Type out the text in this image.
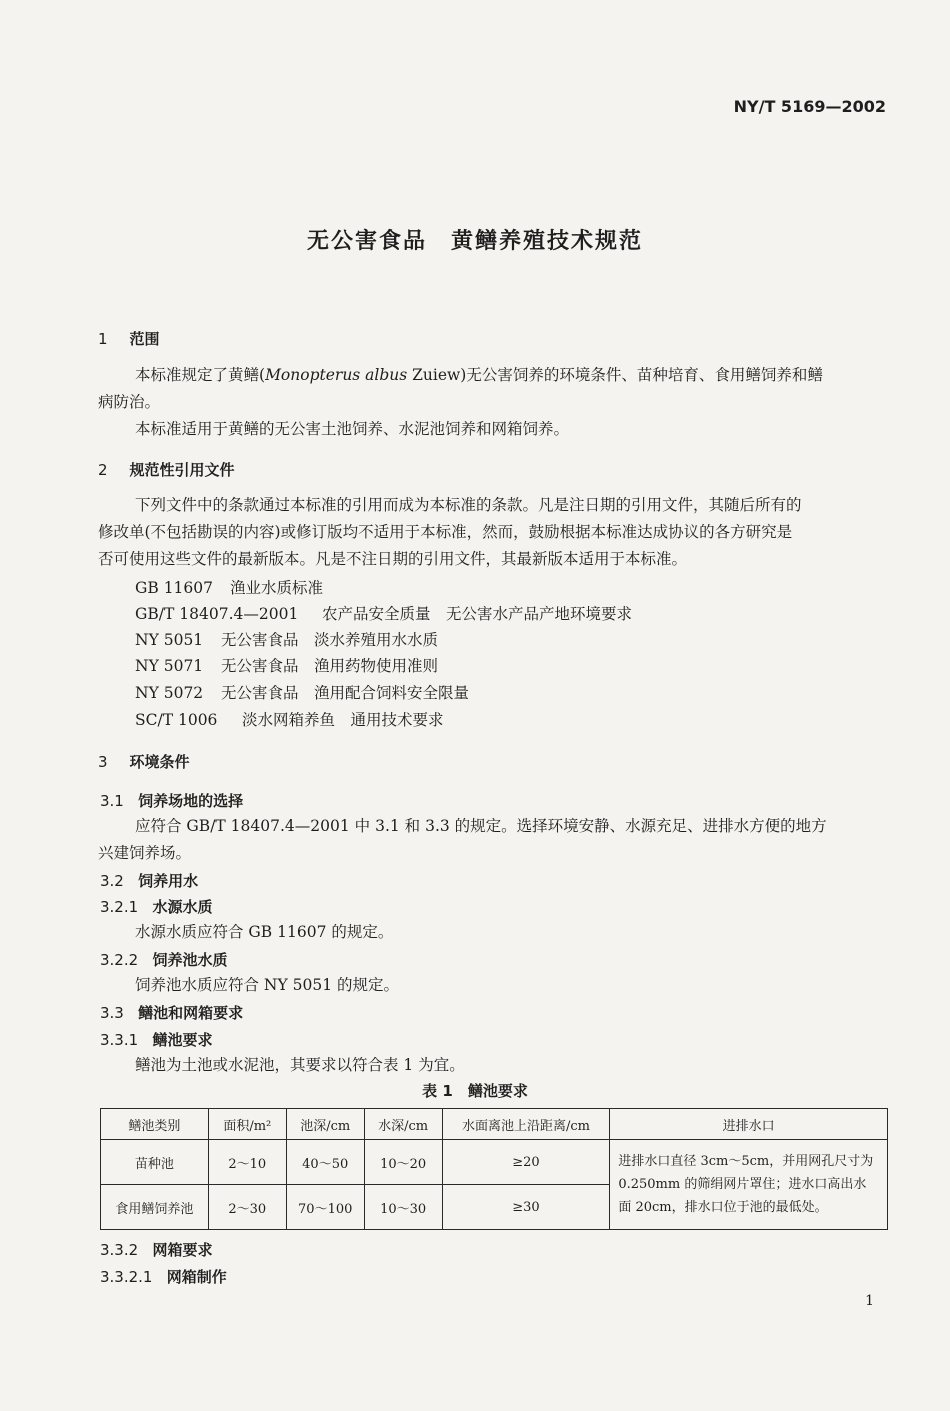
NY/T 5169—2002
无公害食品　黄鳝养殖技术规范
1 范围
本标准规定了黄鳝(Monopterus albus Zuiew)无公害饲养的环境条件、苗种培育、食用鳝饲养和鳝
病防治。
本标准适用于黄鳝的无公害土池饲养、水泥池饲养和网箱饲养。
2 规范性引用文件
下列文件中的条款通过本标准的引用而成为本标准的条款。凡是注日期的引用文件，其随后所有的
修改单(不包括勘误的内容)或修订版均不适用于本标准，然而，鼓励根据本标准达成协议的各方研究是
否可使用这些文件的最新版本。凡是不注日期的引用文件，其最新版本适用于本标准。
GB 11607 渔业水质标准
GB/T 18407.4—2001 农产品安全质量　无公害水产品产地环境要求
NY 5051 无公害食品　淡水养殖用水水质
NY 5071 无公害食品　渔用药物使用准则
NY 5072 无公害食品　渔用配合饲料安全限量
SC/T 1006 淡水网箱养鱼　通用技术要求
3 环境条件
3.1 饲养场地的选择
应符合 GB/T 18407.4—2001 中 3.1 和 3.3 的规定。选择环境安静、水源充足、进排水方便的地方
兴建饲养场。
3.2 饲养用水
3.2.1 水源水质
水源水质应符合 GB 11607 的规定。
3.2.2 饲养池水质
饲养池水质应符合 NY 5051 的规定。
3.3 鳝池和网箱要求
3.3.1 鳝池要求
鳝池为土池或水泥池，其要求以符合表 1 为宜。
表 1　鳝池要求
鳝池类别	面积/m²	池深/cm	水深/cm	水面离池上沿距离/cm	进排水口
苗种池	2～10	40～50	10～20	≥20	进排水口直径 3cm～5cm，并用网孔尺寸为 0.250mm 的筛绢网片罩住；进水口高出水面 20cm，排水口位于池的最低处。
食用鳝饲养池	2～30	70～100	10～30	≥30	
3.3.2 网箱要求
3.3.2.1 网箱制作
1
